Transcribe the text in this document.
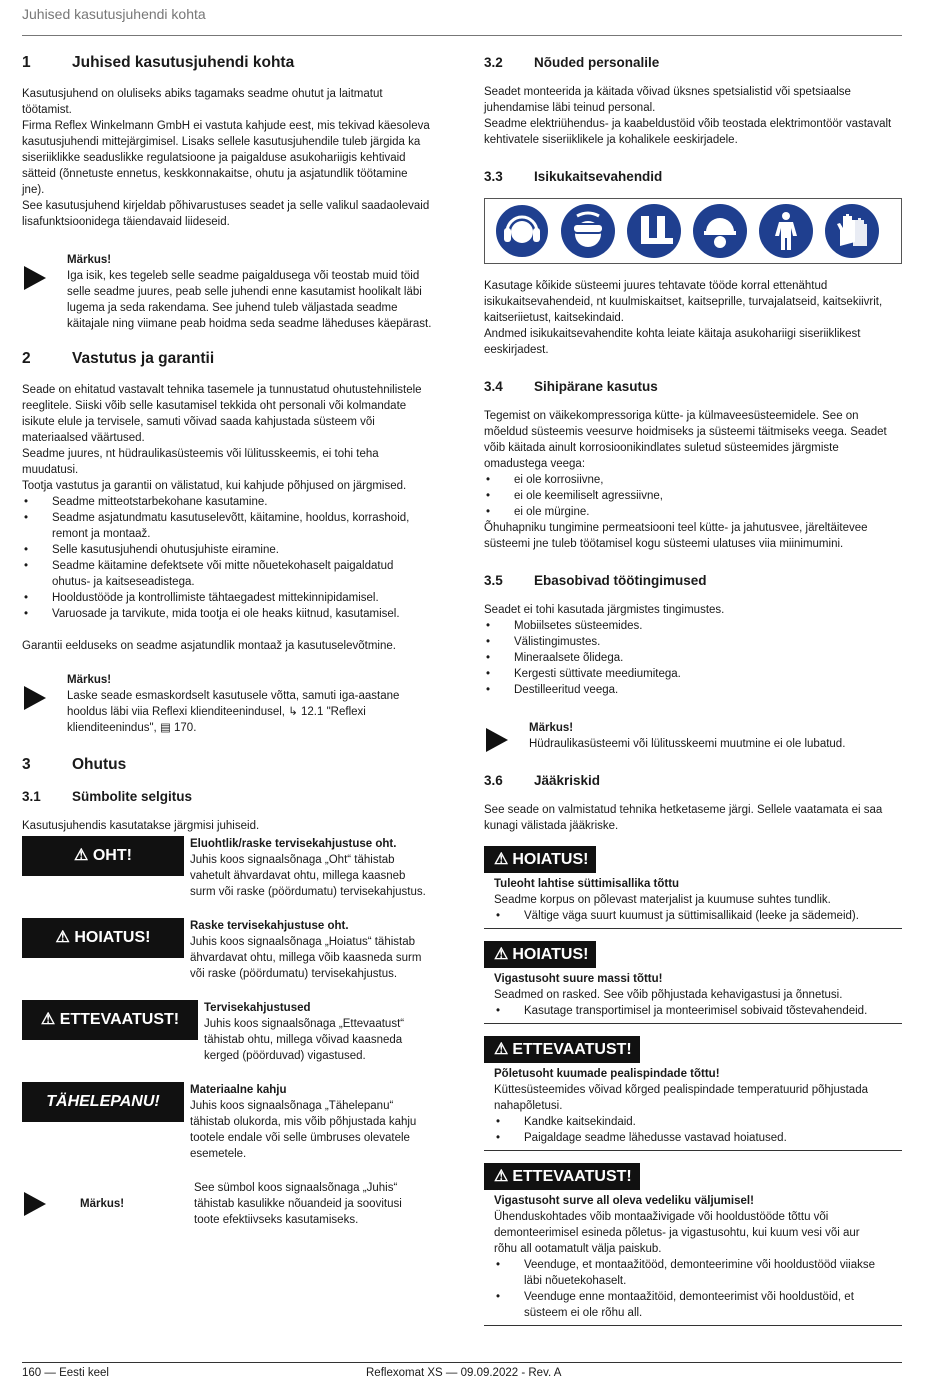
Juhised kasutusjuhendi kohta
1	Juhised kasutusjuhendi kohta

Kasutusjuhend on oluliseks abiks tagamaks seadme ohutut ja laitmatut

töötamist.

Firma Reflex Winkelmann GmbH ei vastuta kahjude eest, mis tekivad käesoleva

kasutusjuhendi mittejärgimisel. Lisaks sellele kasutusjuhendile tuleb järgida ka

siseriiklikke seaduslikke regulatsioone ja paigalduse asukohariigis kehtivaid

sätteid (õnnetuste ennetus, keskkonnakaitse, ohutu ja asjatundlik töötamine

jne).

See kasutusjuhend kirjeldab põhivarustuses seadet ja selle valikul saadaolevaid

lisafunktsioonidega täiendavaid liideseid.

Märkus!

Iga isik, kes tegeleb selle seadme paigaldusega või teostab muid töid

selle seadme juures, peab selle juhendi enne kasutamist hoolikalt läbi

lugema ja seda rakendama. See juhend tuleb väljastada seadme

käitajale ning viimane peab hoidma seda seadme läheduses käepärast.

2	Vastutus ja garantii

Seade on ehitatud vastavalt tehnika tasemele ja tunnustatud ohutustehnilistele

reeglitele. Siiski võib selle kasutamisel tekkida oht personali või kolmandate

isikute elule ja tervisele, samuti võivad saada kahjustada süsteem või

materiaalsed väärtused.

Seadme juures, nt hüdraulikasüsteemis või lülitusskeemis, ei tohi teha

muudatusi.

Tootja vastutus ja garantii on välistatud, kui kahjude põhjused on järgmised.

• Seadme mitteotstarbekohane kasutamine.
• Seadme asjatundmatu kasutuselevõtt, käitamine, hooldus, korrashoid,
remont ja montaaž.
• Selle kasutusjuhendi ohutusjuhiste eiramine.
• Seadme käitamine defektsete või mitte nõuetekohaselt paigaldatud
ohutus- ja kaitseseadistega.
• Hooldustööde ja kontrollimiste tähtaegadest mittekinnipidamisel.
• Varuosade ja tarvikute, mida tootja ei ole heaks kiitnud, kasutamisel.

Garantii eelduseks on seadme asjatundlik montaaž ja kasutuselevõtmine.

Märkus!

Laske seade esmaskordselt kasutusele võtta, samuti iga-aastane

hooldus läbi viia Reflexi klienditeenindusel, ↳ 12.1 "Reflexi

klienditeenindus", ▤ 170.

3	Ohutus
3.1	Sümbolite selgitus

Kasutusjuhendis kasutatakse järgmisi juhiseid.

⚠
OHT!
Eluohtlik/raske tervisekahjustuse oht.

Juhis koos signaalsõnaga „Oht“ tähistab

vahetult ähvardavat ohtu, millega kaasneb

surm või raske (pöördumatu) tervisekahjustus.

⚠
HOIATUS!
Raske tervisekahjustuse oht.

Juhis koos signaalsõnaga „Hoiatus“ tähistab

ähvardavat ohtu, millega võib kaasneda surm

või raske (pöördumatu) tervisekahjustus.

⚠
ETTEVAATUST!
Tervisekahjustused

Juhis koos signaalsõnaga „Ettevaatust“

tähistab ohtu, millega võivad kaasneda

kerged (pöörduvad) vigastused.

TÄHELEPANU!
Materiaalne kahju

Juhis koos signaalsõnaga „Tähelepanu“

tähistab olukorda, mis võib põhjustada kahju

tootele endale või selle ümbruses olevatele

esemetele.

Märkus!

See sümbol koos signaalsõnaga „Juhis“

tähistab kasulikke nõuandeid ja soovitusi

toote efektiivseks kasutamiseks.

3.2	Nõuded personalile

Seadet monteerida ja käitada võivad üksnes spetsialistid või spetsiaalse

juhendamise läbi teinud personal.

Seadme elektriühendus- ja kaabeldustöid võib teostada elektrimontöör vastavalt

kehtivatele siseriiklikele ja kohalikele eeskirjadele.

3.3	Isikukaitsevahendid

Kasutage kõikide süsteemi juures tehtavate tööde korral ettenähtud

isikukaitsevahendeid, nt kuulmiskaitset, kaitseprille, turvajalatseid, kaitsekiivrit,

kaitseriietust, kaitsekindaid.

Andmed isikukaitsevahendite kohta leiate käitaja asukohariigi siseriiklikest

eeskirjadest.

3.4	Sihipärane kasutus

Tegemist on väikekompressoriga kütte- ja külmaveesüsteemidele. See on

mõeldud süsteemis veesurve hoidmiseks ja süsteemi täitmiseks veega. Seadet

võib käitada ainult korrosioonikindlates suletud süsteemides järgmiste

omadustega veega:

• ei ole korrosiivne,
• ei ole keemiliselt agressiivne,
• ei ole mürgine.

Õhuhapniku tungimine permeatsiooni teel kütte- ja jahutusvee, järeltäitevee

süsteemi jne tuleb töötamisel kogu süsteemi ulatuses viia miinimumini.

3.5	Ebasobivad töötingimused

Seadet ei tohi kasutada järgmistes tingimustes.

• Mobiilsetes süsteemides.
• Välistingimustes.
• Mineraalsete õlidega.
• Kergesti süttivate meediumitega.
• Destilleeritud veega.
Märkus!

Hüdraulikasüsteemi või lülitusskeemi muutmine ei ole lubatud.

3.6	Jääkriskid

See seade on valmistatud tehnika hetketaseme järgi. Sellele vaatamata ei saa

kunagi välistada jääkriske.

⚠ HOIATUS!
Tuleoht lahtise süttimisallika tõttu

Seadme korpus on põlevast materjalist ja kuumuse suhtes tundlik.

• Vältige väga suurt kuumust ja süttimisallikaid (leeke ja sädemeid).
⚠ HOIATUS!
Vigastusoht suure massi tõttu!

Seadmed on rasked. See võib põhjustada kehavigastusi ja õnnetusi.

• Kasutage transportimisel ja monteerimisel sobivaid tõstevahendeid.
⚠ ETTEVAATUST!
Põletusoht kuumade pealispindade tõttu!

Küttesüsteemides võivad kõrged pealispindade temperatuurid põhjustada

nahapõletusi.

• Kandke kaitsekindaid.
• Paigaldage seadme lähedusse vastavad hoiatused.
⚠ ETTEVAATUST!
Vigastusoht surve all oleva vedeliku väljumisel!

Ühenduskohtades võib montaaživigade või hooldustööde tõttu või

demonteerimisel esineda põletus- ja vigastusohtu, kui kuum vesi või aur

rõhu all ootamatult välja paiskub.

• Veenduge, et montaažitööd, demonteerimine või hooldustööd viiakse
läbi nõuetekohaselt.
• Veenduge enne montaažitöid, demonteerimist või hooldustöid, et
süsteem ei ole rõhu all.
160 — Eesti keel	Reflexomat XS — 09.09.2022 - Rev. A
